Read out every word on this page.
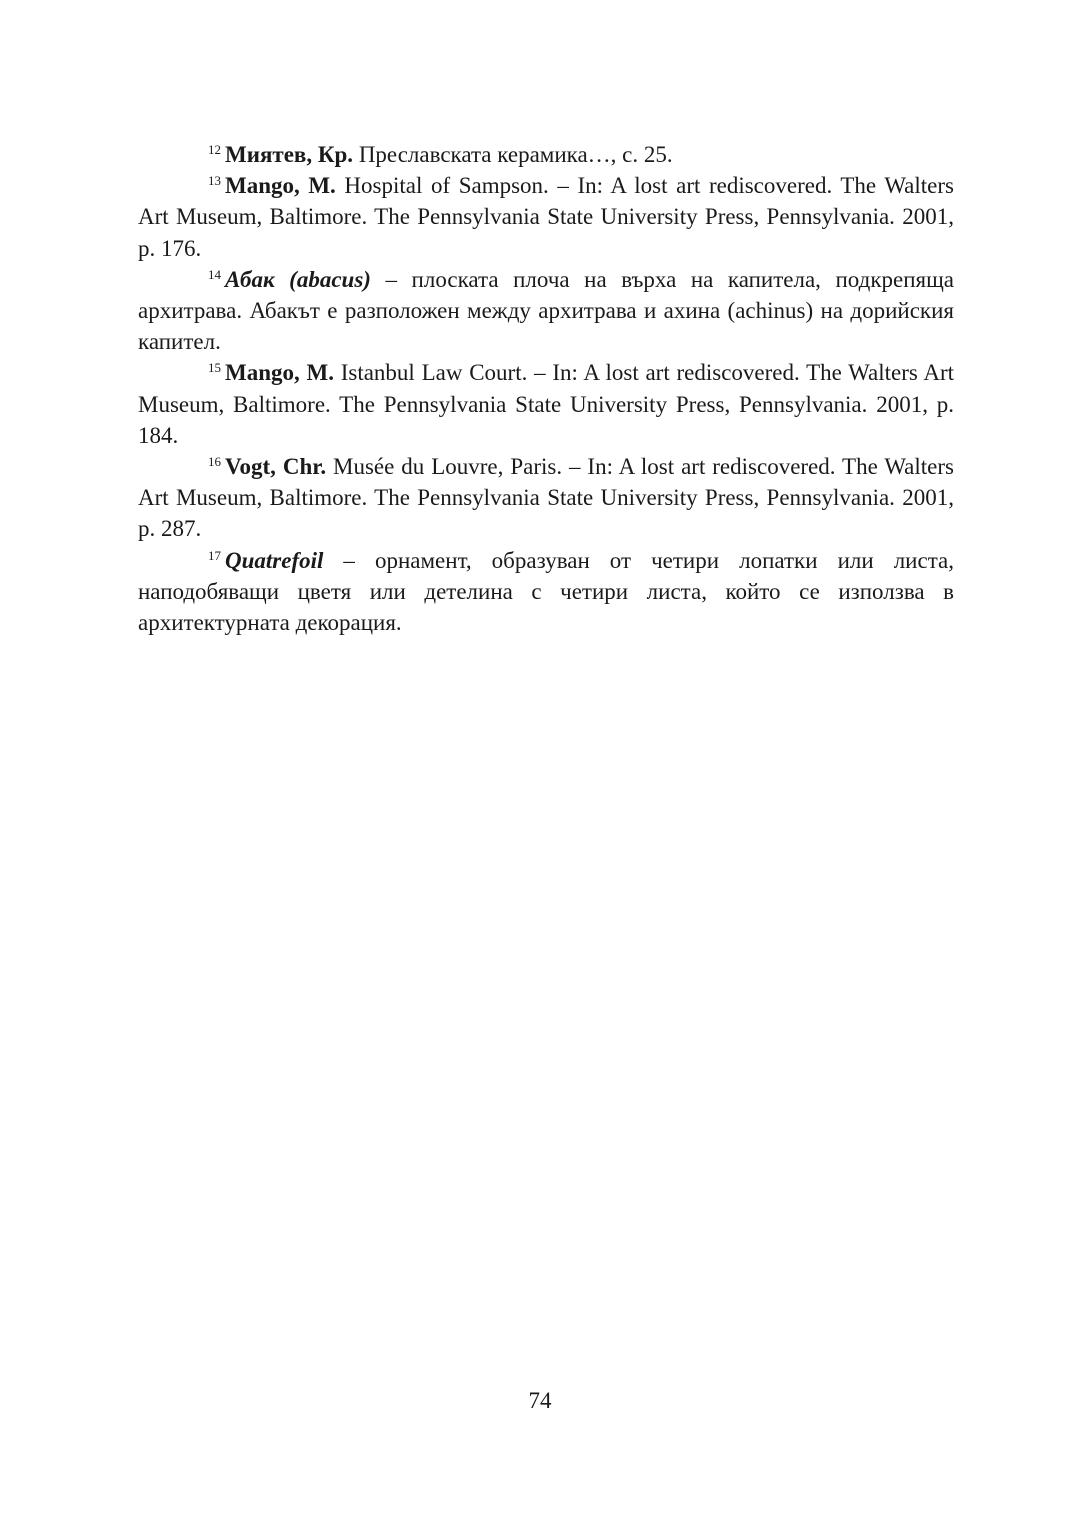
$^{12}$ Миятев, Кр. Преславската керамика…, с. 25.

$^{13}$ Mango, M. Hospital of Sampson. – In: A lost art rediscovered. The Walters Art Museum, Baltimore. The Pennsylvania State University Press, Pennsylvania. 2001, p. 176.

$^{14}$ Абак (abacus) – плоската плоча на върха на капитела, подкрепяща архитрава. Абакът е разположен между архитрава и ахина (achinus) на дорийския капител.

$^{15}$ Mango, M. Istanbul Law Court. – In: A lost art rediscovered. The Walters Art Museum, Baltimore. The Pennsylvania State University Press, Pennsylvania. 2001, p. 184.

$^{16}$ Vogt, Chr. Musée du Louvre, Paris. – In: A lost art rediscovered. The Walters Art Museum, Baltimore. The Pennsylvania State University Press, Pennsylvania. 2001, p. 287.

$^{17}$ Quatrefoil – орнамент, образуван от четири лопатки или листа, наподобяващи цветя или детелина с четири листа, който се използва в архитектурната декорация.

74
